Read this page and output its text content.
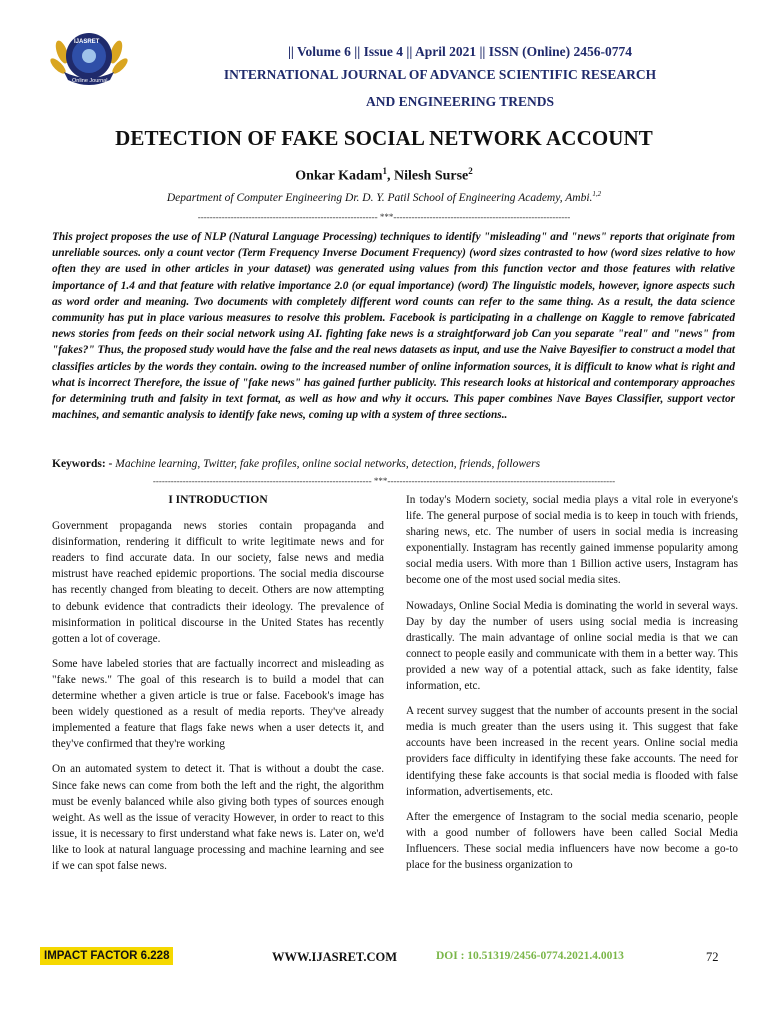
IJASRET
Online Journal
|| Volume 6 || Issue 4 || April 2021 || ISSN (Online) 2456-0774
INTERNATIONAL JOURNAL OF ADVANCE SCIENTIFIC RESEARCH
AND ENGINEERING TRENDS
DETECTION OF FAKE SOCIAL NETWORK ACCOUNT
Onkar Kadam$^1$, Nilesh Surse$^2$
Department of Computer Engineering Dr. D. Y. Patil School of Engineering Academy, Ambi.$^{1,2}$
------------------------------------------------------------ ***-----------------------------------------------------------

This project proposes the use of NLP (Natural Language Processing) techniques to identify "misleading" and "news" reports that originate from unreliable sources. only a count vector (Term Frequency Inverse Document Frequency) (word sizes contrasted to how (word sizes relative to how often they are used in other articles in your dataset) was generated using values from this function vector and those features with relative importance of 1.4 and that feature with relative importance 2.0 (or equal importance) (word) The linguistic models, however, ignore aspects such as word order and meaning. Two documents with completely different word counts can refer to the same thing. As a result, the data science community has put in place various measures to resolve this problem. Facebook is participating in a challenge on Kaggle to remove fabricated news stories from feeds on their social network using AI. fighting fake news is a straightforward job Can you separate "real" and "news" from "fakes?" Thus, the proposed study would have the false and the real news datasets as input, and use the Naive Bayesifier to construct a model that classifies articles by the words they contain. owing to the increased number of online information sources, it is difficult to know what is right and what is incorrect Therefore, the issue of "fake news" has gained further publicity. This research looks at historical and contemporary approaches for determining truth and falsity in text format, as well as how and why it occurs. This paper combines Nave Bayes Classifier, support vector machines, and semantic analysis to identify fake news, coming up with a system of three sections..

Keywords: - Machine learning, Twitter, fake profiles, online social networks, detection, friends, followers

------------------------------------------------------------------------- ***----------------------------------------------------------------------------
I INTRODUCTION

Government propaganda news stories contain propaganda and disinformation, rendering it difficult to write legitimate news and for readers to find accurate data. In our society, false news and media mistrust have reached epidemic proportions. The social media discourse has recently changed from bleating to deceit. Others are now attempting to debunk evidence that contradicts their ideology. The prevalence of misinformation in political discourse in the United States has recently gotten a lot of coverage.

Some have labeled stories that are factually incorrect and misleading as "fake news." The goal of this research is to build a model that can determine whether a given article is true or false. Facebook's image has been widely questioned as a result of media reports. They've already implemented a feature that flags fake news when a user detects it, and they've confirmed that they're working

On an automated system to detect it. That is without a doubt the case. Since fake news can come from both the left and the right, the algorithm must be evenly balanced while also giving both types of sources enough weight. As well as the issue of veracity However, in order to react to this issue, it is necessary to first understand what fake news is. Later on, we'd like to look at natural language processing and machine learning and see if we can spot false news.

In today's Modern society, social media plays a vital role in everyone's life. The general purpose of social media is to keep in touch with friends, sharing news, etc. The number of users in social media is increasing exponentially. Instagram has recently gained immense popularity among social media users. With more than 1 Billion active users, Instagram has become one of the most used social media sites.

Nowadays, Online Social Media is dominating the world in several ways. Day by day the number of users using social media is increasing drastically. The main advantage of online social media is that we can connect to people easily and communicate with them in a better way. This provided a new way of a potential attack, such as fake identity, false information, etc.

A recent survey suggest that the number of accounts present in the social media is much greater than the users using it. This suggest that fake accounts have been increased in the recent years. Online social media providers face difficulty in identifying these fake accounts. The need for identifying these fake accounts is that social media is flooded with false information, advertisements, etc.

After the emergence of Instagram to the social media scenario, people with a good number of followers have been called Social Media Influencers. These social media influencers have now become a go-to place for the business organization to

IMPACT FACTOR 6.228	WWW.IJASRET.COM	DOI : 10.51319/2456-0774.2021.4.0013	72
